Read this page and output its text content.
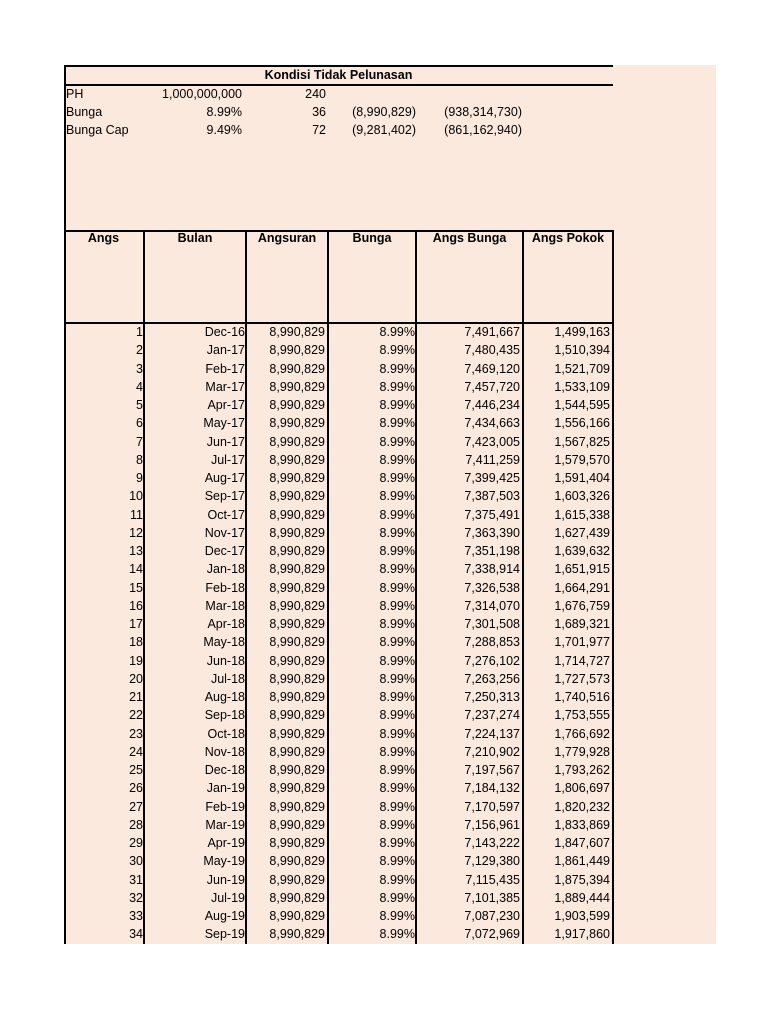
Kondisi Tidak Pelunasan
PH	1,000,000,000	240
Bunga	8.99%	36	(8,990,829)	(938,314,730)
Bunga Cap	9.49%	72	(9,281,402)	(861,162,940)
Angs	Bulan	Angsuran	Bunga	Angs Bunga	Angs Pokok
1	Dec-16	8,990,829	8.99%	7,491,667	1,499,163
2	Jan-17	8,990,829	8.99%	7,480,435	1,510,394
3	Feb-17	8,990,829	8.99%	7,469,120	1,521,709
4	Mar-17	8,990,829	8.99%	7,457,720	1,533,109
5	Apr-17	8,990,829	8.99%	7,446,234	1,544,595
6	May-17	8,990,829	8.99%	7,434,663	1,556,166
7	Jun-17	8,990,829	8.99%	7,423,005	1,567,825
8	Jul-17	8,990,829	8.99%	7,411,259	1,579,570
9	Aug-17	8,990,829	8.99%	7,399,425	1,591,404
10	Sep-17	8,990,829	8.99%	7,387,503	1,603,326
11	Oct-17	8,990,829	8.99%	7,375,491	1,615,338
12	Nov-17	8,990,829	8.99%	7,363,390	1,627,439
13	Dec-17	8,990,829	8.99%	7,351,198	1,639,632
14	Jan-18	8,990,829	8.99%	7,338,914	1,651,915
15	Feb-18	8,990,829	8.99%	7,326,538	1,664,291
16	Mar-18	8,990,829	8.99%	7,314,070	1,676,759
17	Apr-18	8,990,829	8.99%	7,301,508	1,689,321
18	May-18	8,990,829	8.99%	7,288,853	1,701,977
19	Jun-18	8,990,829	8.99%	7,276,102	1,714,727
20	Jul-18	8,990,829	8.99%	7,263,256	1,727,573
21	Aug-18	8,990,829	8.99%	7,250,313	1,740,516
22	Sep-18	8,990,829	8.99%	7,237,274	1,753,555
23	Oct-18	8,990,829	8.99%	7,224,137	1,766,692
24	Nov-18	8,990,829	8.99%	7,210,902	1,779,928
25	Dec-18	8,990,829	8.99%	7,197,567	1,793,262
26	Jan-19	8,990,829	8.99%	7,184,132	1,806,697
27	Feb-19	8,990,829	8.99%	7,170,597	1,820,232
28	Mar-19	8,990,829	8.99%	7,156,961	1,833,869
29	Apr-19	8,990,829	8.99%	7,143,222	1,847,607
30	May-19	8,990,829	8.99%	7,129,380	1,861,449
31	Jun-19	8,990,829	8.99%	7,115,435	1,875,394
32	Jul-19	8,990,829	8.99%	7,101,385	1,889,444
33	Aug-19	8,990,829	8.99%	7,087,230	1,903,599
34	Sep-19	8,990,829	8.99%	7,072,969	1,917,860
